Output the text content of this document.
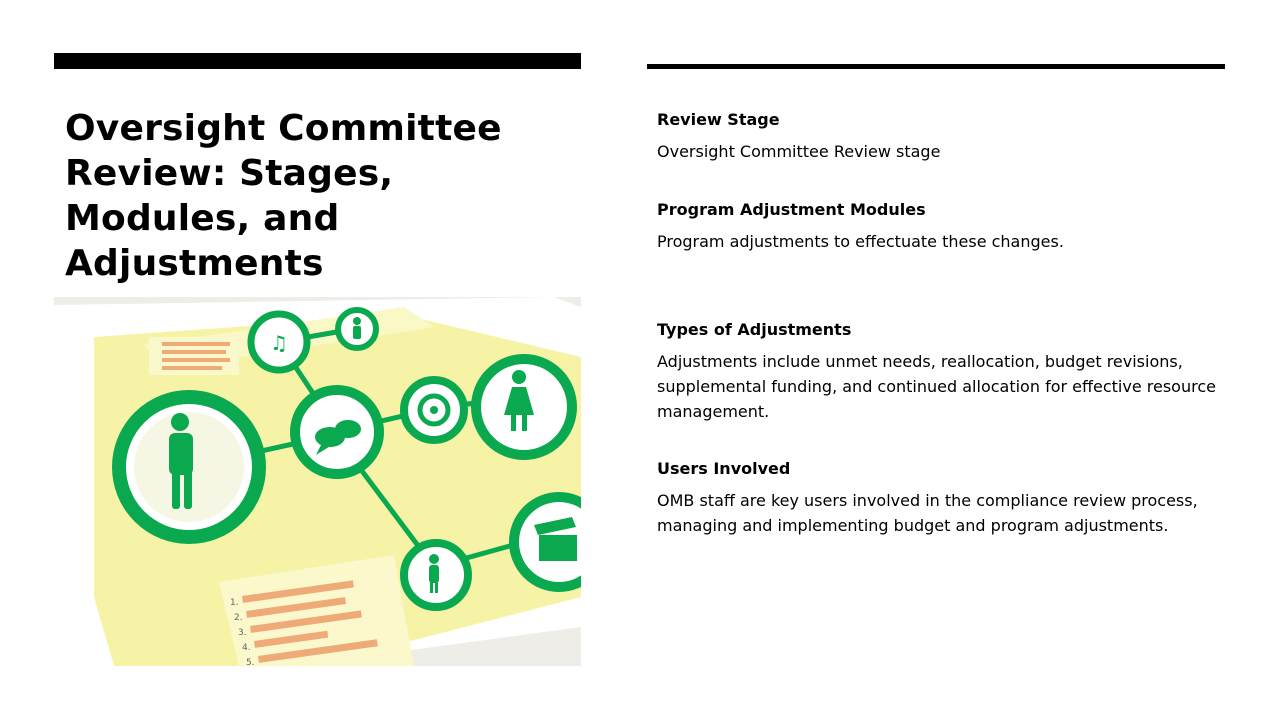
Oversight Committee Review: Stages, Modules, and Adjustments
♫
1.
2.
3.
4.
5.
Review Stage

Oversight Committee Review stage

Program Adjustment Modules

Program adjustments to effectuate these changes.

Types of Adjustments

Adjustments include unmet needs, reallocation, budget revisions, supplemental funding, and continued allocation for effective resource management.

Users Involved

OMB staff are key users involved in the compliance review process, managing and implementing budget and program adjustments.
